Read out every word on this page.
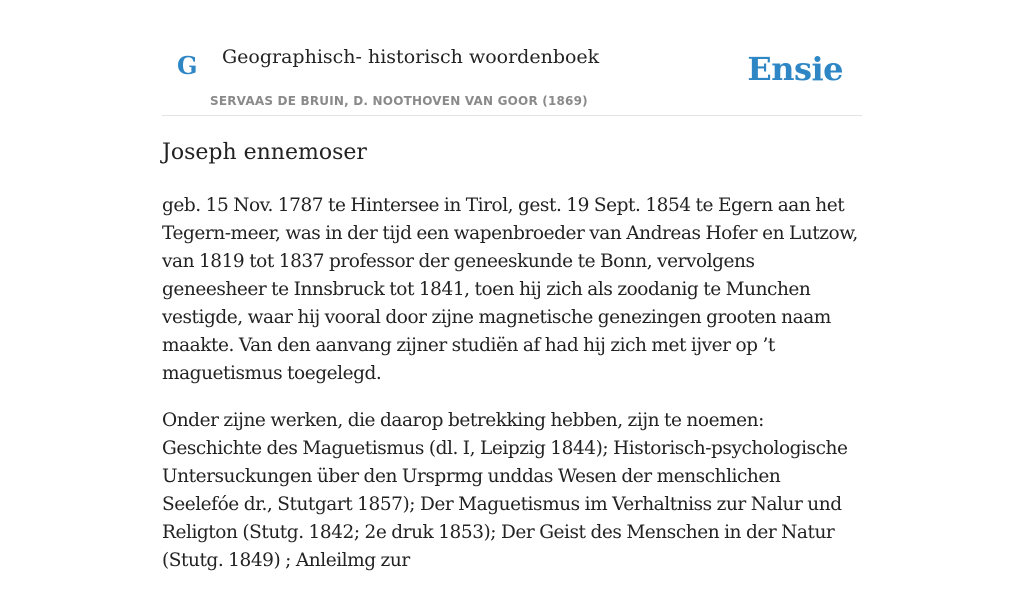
G Geographisch- historisch woordenboek
SERVAAS DE BRUIN, D. NOOTHOVEN VAN GOOR (1869)
Ensie
Joseph ennemoser

geb. 15 Nov. 1787 te Hintersee in Tirol, gest. 19 Sept. 1854 te Egern aan het Tegern-meer, was in der tijd een wapenbroeder van Andreas Hofer en Lutzow, van 1819 tot 1837 professor der geneeskunde te Bonn, vervolgens geneesheer te Innsbruck tot 1841, toen hij zich als zoodanig te Munchen vestigde, waar hij vooral door zijne magnetische genezingen grooten naam maakte. Van den aanvang zijner studiën af had hij zich met ijver op ’t maguetismus toegelegd.

Onder zijne werken, die daarop betrekking hebben, zijn te noemen: Geschichte des Maguetismus (dl. I, Leipzig 1844); Historisch-psychologische Untersuckungen über den Ursprmg unddas Wesen der menschlichen Seelefóe dr., Stutgart 1857); Der Maguetismus im Verhaltniss zur Nalur und Religton (Stutg. 1842; 2e druk 1853); Der Geist des Menschen in der Natur (Stutg. 1849) ; Anleilmg zur
